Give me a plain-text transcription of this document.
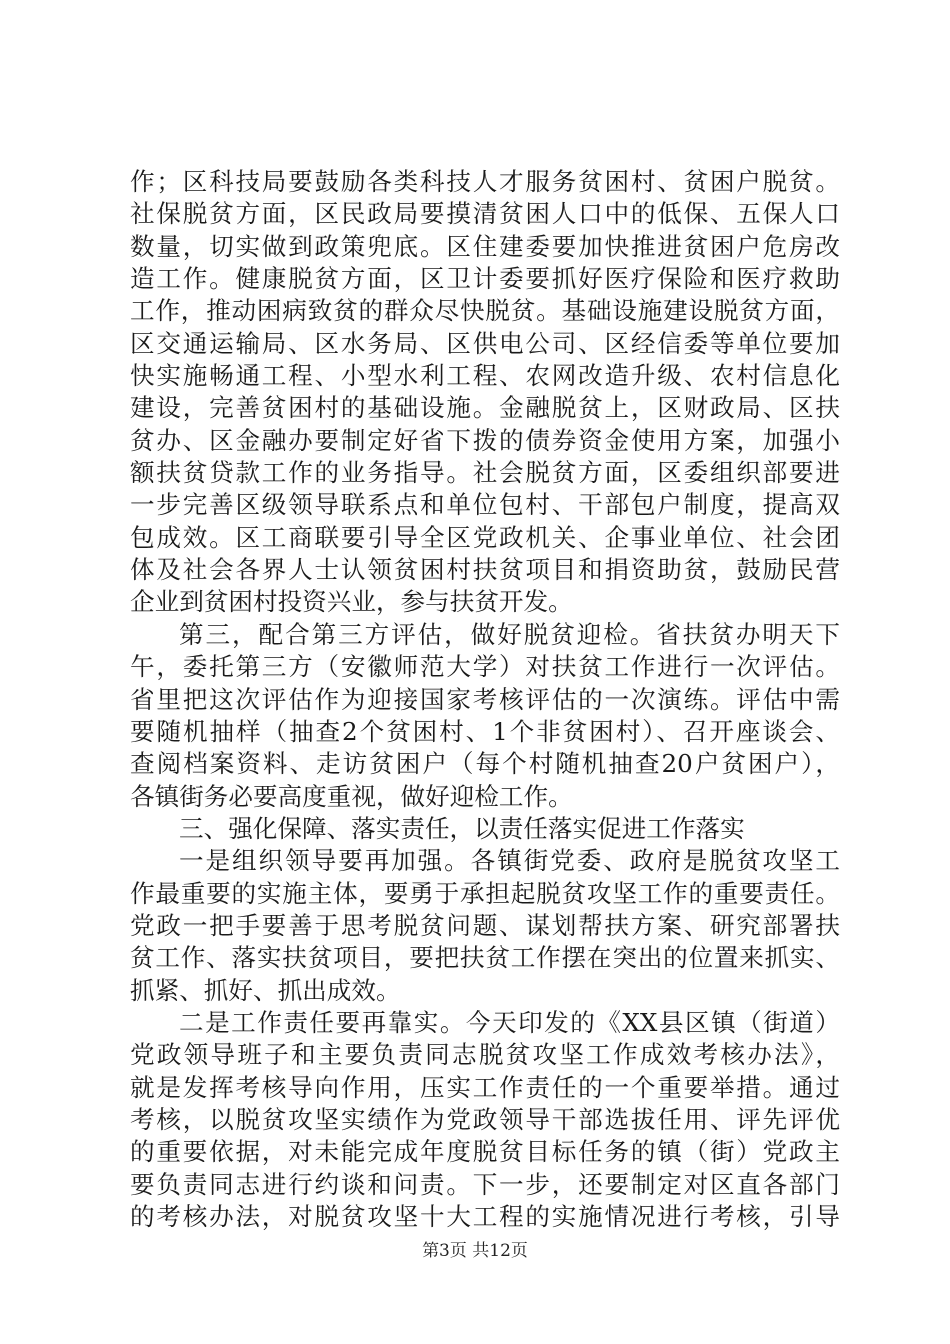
作；区科技局要鼓励各类科技人才服务贫困村、贫困户脱贫。
社保脱贫方面，区民政局要摸清贫困人口中的低保、五保人口
数量，切实做到政策兜底。区住建委要加快推进贫困户危房改
造工作。健康脱贫方面，区卫计委要抓好医疗保险和医疗救助
工作，推动困病致贫的群众尽快脱贫。基础设施建设脱贫方面，
区交通运输局、区水务局、区供电公司、区经信委等单位要加
快实施畅通工程、小型水利工程、农网改造升级、农村信息化
建设，完善贫困村的基础设施。金融脱贫上，区财政局、区扶
贫办、区金融办要制定好省下拨的债券资金使用方案，加强小
额扶贫贷款工作的业务指导。社会脱贫方面，区委组织部要进
一步完善区级领导联系点和单位包村、干部包户制度，提高双
包成效。区工商联要引导全区党政机关、企事业单位、社会团
体及社会各界人士认领贫困村扶贫项目和捐资助贫，鼓励民营
企业到贫困村投资兴业，参与扶贫开发。
第三，配合第三方评估，做好脱贫迎检。省扶贫办明天下
午，委托第三方（安徽师范大学）对扶贫工作进行一次评估。
省里把这次评估作为迎接国家考核评估的一次演练。评估中需
要随机抽样（抽查2个贫困村、1个非贫困村）、召开座谈会、
查阅档案资料、走访贫困户（每个村随机抽查20户贫困户），
各镇街务必要高度重视，做好迎检工作。
三、强化保障、落实责任，以责任落实促进工作落实
一是组织领导要再加强。各镇街党委、政府是脱贫攻坚工
作最重要的实施主体，要勇于承担起脱贫攻坚工作的重要责任。
党政一把手要善于思考脱贫问题、谋划帮扶方案、研究部署扶
贫工作、落实扶贫项目，要把扶贫工作摆在突出的位置来抓实、
抓紧、抓好、抓出成效。
二是工作责任要再靠实。今天印发的《XX县区镇（街道）
党政领导班子和主要负责同志脱贫攻坚工作成效考核办法》，
就是发挥考核导向作用，压实工作责任的一个重要举措。通过
考核，以脱贫攻坚实绩作为党政领导干部选拔任用、评先评优
的重要依据，对未能完成年度脱贫目标任务的镇（街）党政主
要负责同志进行约谈和问责。下一步，还要制定对区直各部门
的考核办法，对脱贫攻坚十大工程的实施情况进行考核，引导
第3页 共12页
